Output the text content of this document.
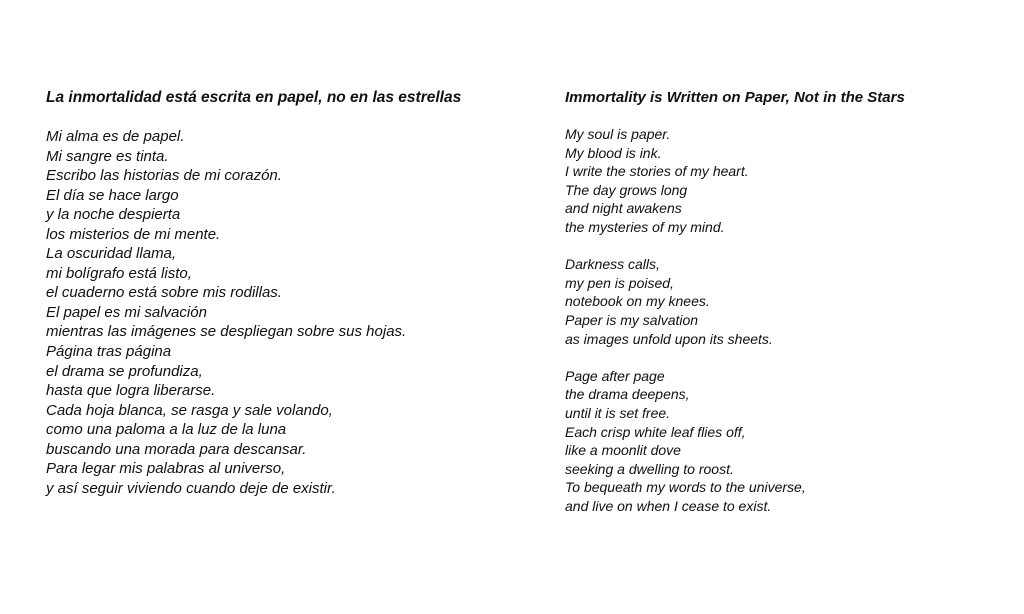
La inmortalidad está escrita en papel, no en las estrellas
Mi alma es de papel.
Mi sangre es tinta.
Escribo las historias de mi corazón.
El día se hace largo
y la noche despierta
los misterios de mi mente.
La oscuridad llama,
mi bolígrafo está listo,
el cuaderno está sobre mis rodillas.
El papel es mi salvación
mientras las imágenes se despliegan sobre sus hojas.
Página tras página
el drama se profundiza,
hasta que logra liberarse.
Cada hoja blanca, se rasga y sale volando,
como una paloma a la luz de la luna
buscando una morada para descansar.
Para legar mis palabras al universo,
y así seguir viviendo cuando deje de existir.
Immortality is Written on Paper, Not in the Stars
My soul is paper.
My blood is ink.
I write the stories of my heart.
The day grows long
and night awakens
the mysteries of my mind.
Darkness calls,
my pen is poised,
notebook on my knees.
Paper is my salvation
as images unfold upon its sheets.
Page after page
the drama deepens,
until it is set free.
Each crisp white leaf flies off,
like a moonlit dove
seeking a dwelling to roost.
To bequeath my words to the universe,
and live on when I cease to exist.
